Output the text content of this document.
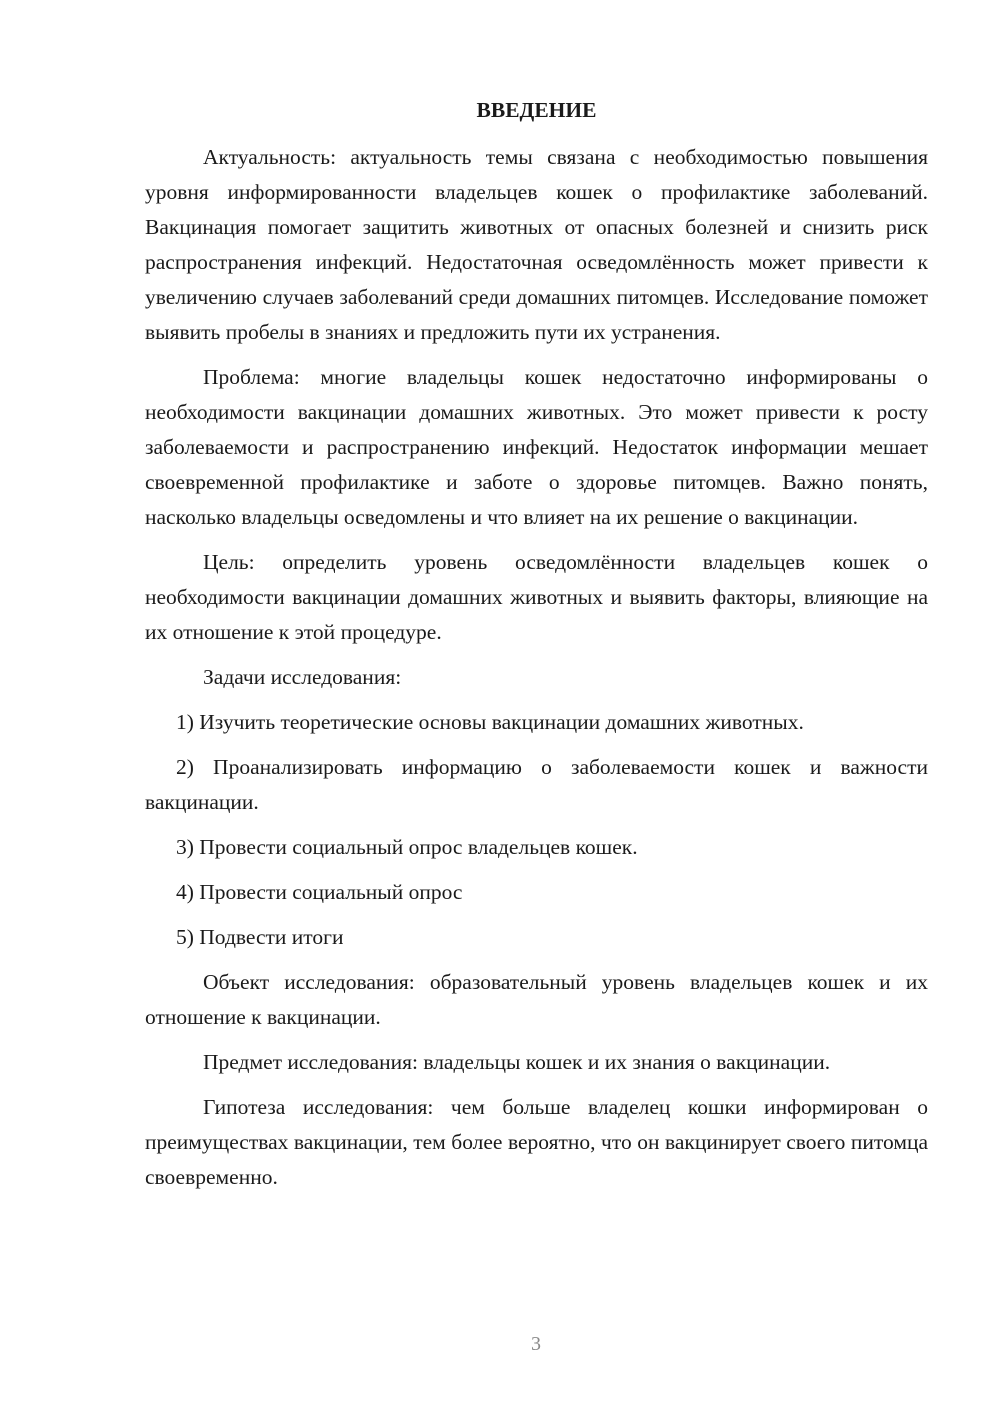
ВВЕДЕНИЕ
Актуальность: актуальность темы связана с необходимостью повышения уровня информированности владельцев кошек о профилактике заболеваний. Вакцинация помогает защитить животных от опасных болезней и снизить риск распространения инфекций. Недостаточная осведомлённость может привести к увеличению случаев заболеваний среди домашних питомцев. Исследование поможет выявить пробелы в знаниях и предложить пути их устранения.
Проблема: многие владельцы кошек недостаточно информированы о необходимости вакцинации домашних животных. Это может привести к росту заболеваемости и распространению инфекций. Недостаток информации мешает своевременной профилактике и заботе о здоровье питомцев. Важно понять, насколько владельцы осведомлены и что влияет на их решение о вакцинации.
Цель: определить уровень осведомлённости владельцев кошек о необходимости вакцинации домашних животных и выявить факторы, влияющие на их отношение к этой процедуре.
Задачи исследования:
1) Изучить теоретические основы вакцинации домашних животных.
2) Проанализировать информацию о заболеваемости кошек и важности вакцинации.
3) Провести социальный опрос владельцев кошек.
4) Провести социальный опрос
5) Подвести итоги
Объект исследования: образовательный уровень владельцев кошек и их отношение к вакцинации.
Предмет исследования: владельцы кошек и их знания о вакцинации.
Гипотеза исследования: чем больше владелец кошки информирован о преимуществах вакцинации, тем более вероятно, что он вакцинирует своего питомца своевременно.
3
